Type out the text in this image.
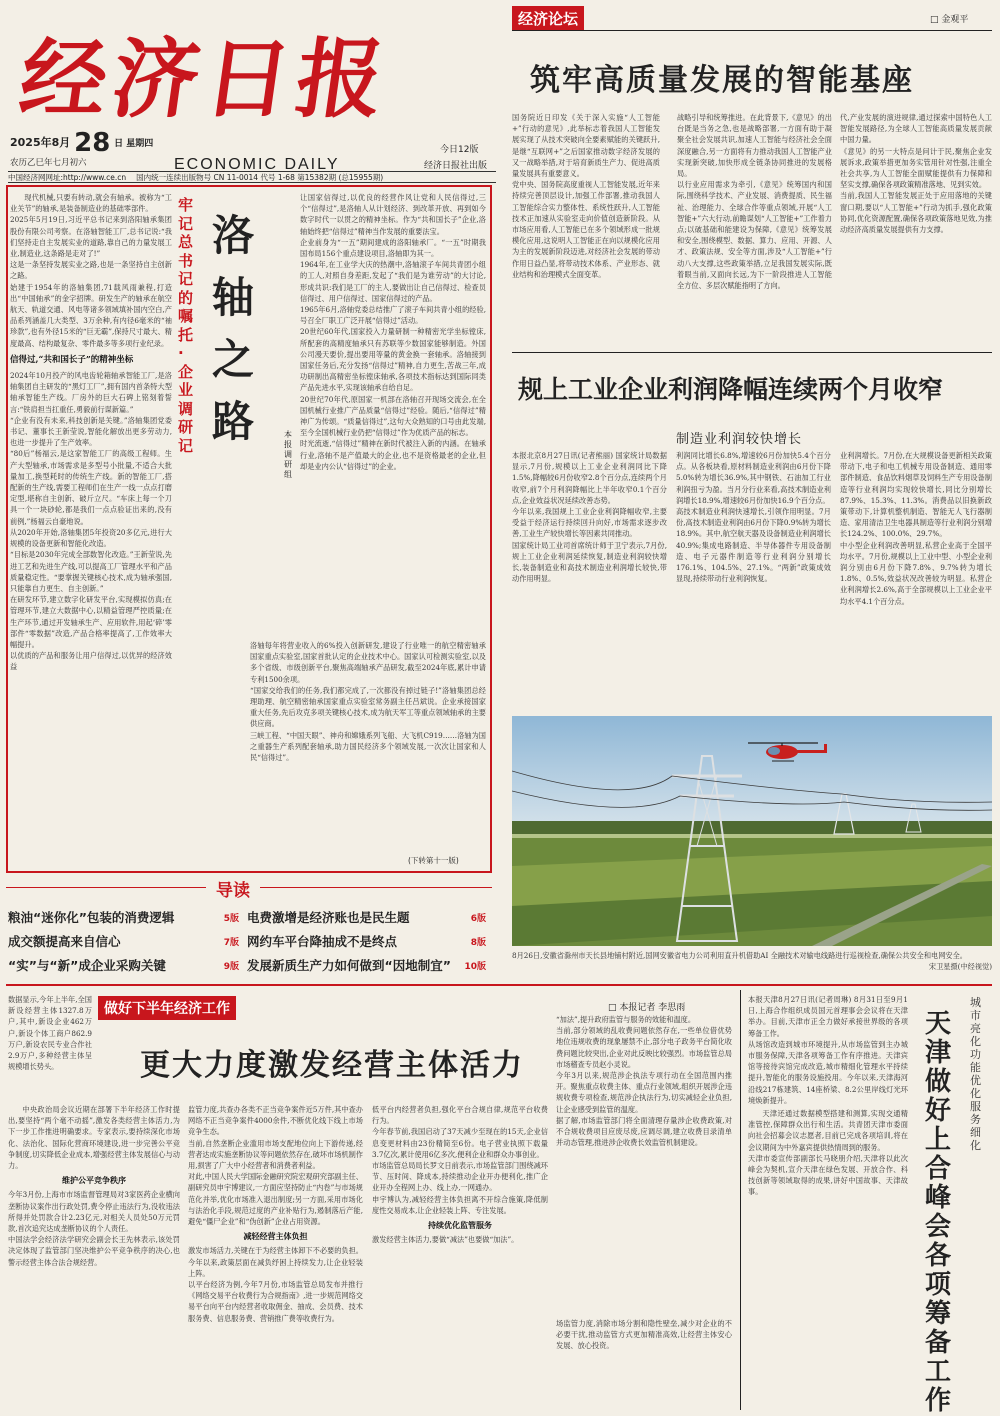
经济日报
2025年8月 28 日 星期四
农历乙巳年七月初六	ECONOMIC DAILY
今日12版
经济日报社出版
中国经济网网址:http://www.ce.cn 国内统一连续出版物号 CN 11-0014 代号 1-68 第15382期 (总15955期)
经济论坛	□ 金观平
筑牢高质量发展的智能基座
国务院近日印发《关于深入实施“人工智能+”行动的意见》,此举标志着我国人工智能发展实现了从技术突破向全要素赋能的关键跃升,是继“互联网+”之后国家推动数字经济发展的又一战略举措,对于培育新质生产力、促进高质量发展具有重要意义。
党中央、国务院高度重视人工智能发展,近年来持续完善顶层设计,加强工作部署,推动我国人工智能综合实力整体性、系统性跃升,人工智能技术正加速从实验室走向价值创造新阶段。从市场应用看,人工智能已在多个领域形成一批规模化应用,这说明人工智能正在向以规模化应用为主的发展新阶段迈进,对经济社会发展的带动作用日益凸显,将带动技术体系、产业形态、就业结构和治理模式全面变革。
战略引导和统筹推进。在此背景下,《意见》的出台既是当务之急,也是战略部署,一方面有助于凝聚全社会发展共识,加速人工智能与经济社会全面深度融合,另一方面将有力推动我国人工智能产业实现新突破,加快形成全链条协同推进的发展格局。
以行业应用需求为牵引,《意见》统筹国内和国际,围绕科学技术、产业发展、消费提质、民生福祉、治理能力、全球合作等重点领域,开展“人工智能+”六大行动,前瞻谋划“人工智能+”工作着力点;以破基础和能建设为保障,《意见》统筹发展和安全,围绕模型、数据、算力、应用、开源、人才、政策法规、安全等方面,涉及“人工智能+”行动八大支撑,这些政策举措,立足我国发展实际,既着眼当前,又面向长远,为下一阶段推进人工智能全方位、多层次赋能指明了方向。
代,产业发展的演进规律,通过探索中国特色人工智能发展路径,为全球人工智能高质量发展贡献中国力量。
《意见》的另一大特点是问计于民,聚焦企业发展诉求,政策举措更加务实管用针对性强,注重全社会共享,为人工智能全面赋能提供有力保障和坚实支撑,确保各项政策精准落地、见到实效。
当前,我国人工智能发展正处于应用落地的关键窗口期,要以“人工智能+”行动为抓手,强化政策协同,优化资源配置,确保各项政策落地见效,为推动经济高质量发展提供有力支撑。
规上工业企业利润降幅连续两个月收窄
制造业利润较快增长
本报北京8月27日讯(记者熊丽) 国家统计局数据显示,7月份,规模以上工业企业利润同比下降1.5%,降幅较6月份收窄2.8个百分点,连续两个月收窄,前7个月利润降幅比上半年收窄0.1个百分点,企业效益状况延续改善态势。
今年以来,我国规上工业企业利润降幅收窄,主要受益于经济运行持续回升向好,市场需求逐步改善,工业生产较快增长等因素共同推动。
国家统计局工业司首席统计师于卫宁表示,7月份,规上工业企业利润延续恢复,制造业利润较快增长,装备制造业和高技术制造业利润增长较快,带动作用明显。
利润同比增长6.8%,增速较6月份加快5.4个百分点。从各板块看,原材料制造业利润由6月份下降5.0%转为增长36.9%,其中钢铁、石油加工行业利润扭亏为盈。当月分行业来看,高技术制造业利润增长18.9%,增速较6月份加快16.9个百分点。
高技术制造业利润快速增长,引领作用明显。7月份,高技术制造业利润由6月份下降0.9%转为增长18.9%。其中,航空航天器及设备制造业利润增长40.9%;集成电路制造、半导体器件专用设备制造、电子元器件制造等行业利润分别增长176.1%、104.5%、27.1%。“两新”政策成效显现,持续带动行业利润恢复。
业利润增长。7月份,在大规模设备更新相关政策带动下,电子和电工机械专用设备制造、通用零部件制造、食品饮料烟草及饲料生产专用设备制造等行业利润均实现较快增长,同比分别增长87.9%、15.3%、11.3%。消费品以旧换新政策带动下,计算机整机制造、智能无人飞行器制造、家用清洁卫生电器具制造等行业利润分别增长124.2%、100.0%、29.7%。
中小型企业利润改善明显,私营企业高于全国平均水平。7月份,规模以上工业中型、小型企业利润分别由6月份下降7.8%、9.7%转为增长1.8%、0.5%,效益状况改善较为明显。私营企业利润增长2.6%,高于全部规模以上工业企业平均水平4.1个百分点。
8月26日,安徽省滁州市天长县地铺村附近,国网安徽省电力公司利用直升机借助AI 全融技术对输电线路进行巡视检查,确保公共安全和电网安全。
宋卫星摄(中经视觉)
牢记总书记的嘱托·企业调研记
洛
轴
之
路	本报调研组
现代机械,只要有转动,就会有轴承。被称为“工业关节”的轴承,是装备制造业的基础零部件。
2025年5月19日,习近平总书记来到洛阳轴承集团股份有限公司考察。在洛轴智能工厂,总书记说:“我们坚持走自主发展实业的道路,靠自己的力量发展工业,制造业,这条路是走对了!”
这是一条坚持发展实业之路,也是一条坚持自主创新之路。
始建于1954年的洛轴集团,71载风雨兼程,打造出“中国轴承”的金字招牌。研发生产的轴承在航空航天、轨道交通、风电等诸多领域填补国内空白,产品系列涵盖几大类型、3万余种,有内径6毫米的“袖珍款”,也有外径15米的“巨无霸”,保持尺寸最大、精度最高、结构最复杂、零件最多等多项行业纪录。
信得过,“共和国长子”的精神坐标
2024年10月投产的风电齿轮箱轴承智能工厂,是洛轴集团自主研发的“黑灯工厂”,拥有国内首条特大型轴承智能生产线。厂房外的巨大石碑上铭刻着誓言:“铁肩担当扛重任,勇毅前行谋新篇。”
“企业有没有未来,科技创新是关键。”洛轴集团党委书记、董事长王新莹说,智能化解放出更多劳动力,也进一步提升了生产效率。
“80后”杨福云,是这家智能工厂的高级工程师。生产大型轴承,市场需求是多型号小批量,不适合大批量加工,换型耗时的传统生产线。新的智能工厂,搭配新的生产线,需要工程师们在生产一线一点点打磨定型,堪称自主创新、破斤立尺。“车床上每一个刀具一个一块砂轮,都是我们一点点验证出来的,没有前例,”杨福云自豪地说。
从2020年开始,洛轴集团5年投资20多亿元,进行大规模的设备更新和智能化改造。
“目标是2030年完成全部数智化改造。”王新莹说,先进工艺和先进生产线,可以提高工厂管理水平和产品质量稳定性。“要掌握关键核心技术,成为轴承强国,只能靠自力更生、自主创新。”
在研发环节,建立数字化研发平台,实现模拟仿真;在管理环节,建立大数据中心,以精益管理严控质量;在生产环节,通过开发轴承生产、应用软件,用起‘碎’零部件“零数据”改造,产品合格率提高了,工作效率大幅提升。
以优质的产品和服务让用户信得过,以优异的经济效益
让国家信得过,以优良的经营作风让党和人民信得过,三个“信得过”,是洛轴人从计划经济、到改革开放、再到如今数字时代一以贯之的精神坐标。作为“共和国长子”企业,洛轴始终把“信得过”精神当作发展的重要法宝。
企业前身为“一五”期间建成的洛阳轴承厂。“一五”时期我国布局156个重点建设项目,洛轴即为其一。
1964年,在工业学大庆的热潮中,洛轴滚子车间共青团小组的工人,对照自身差距,发起了“我们是为谁劳动”的大讨论,形成共识:我们是工厂的主人,要做出让自己信得过、检查员信得过、用户信得过、国家信得过的产品。
1965年6月,洛轴党委总结推广了滚子车间共青小组的经验,号召全厂职工广泛开展“信得过”活动。
20世纪60年代,国家投入力量研制一种精密光学坐标镗床,所配套的高精度轴承只有苏联等少数国家能够制造。外国公司漫天要价,提出要用等量的黄金换一套轴承。洛轴接到国家任务后,充分发扬“信得过”精神,自力更生,苦战三年,成功研制出高精密坐标镗床轴承,各项技术指标达到国际同类产品先进水平,实现该轴承自给自足。
20世纪70年代,原国家一机部在洛轴召开现场交流会,在全国机械行业推广产品质量“信得过”经验。随后,“信得过”精神广为传颂。“质量信得过”,这句大众熟知的口号由此发端,至今全国机械行业仍把“信得过”作为优质产品的标志。
时光流逝,“信得过”精神在新时代被注入新的内涵。在轴承行业,洛轴不是产值最大的企业,也不是资格最老的企业,但却是业内公认“信得过”的企业。
洛轴每年将营业收入的6%投入创新研发,建设了行业唯一的航空精密轴承国家重点实验室,国家首批认定的企业技术中心。国家认可检测实验室,以及多个省级、市级创新平台,聚焦高端轴承产品研发,截至2024年底,累计申请专利1500余项。
“国家交给我们的任务,我们都完成了,一次都没有掉过链子!”洛轴集团总经理助理、航空精密轴承国家重点实验室常务副主任吕斌说。企业承接国家重大任务,先后攻克多项关键核心技术,成为航天军工等重点领域轴承的主要供应商。
三峡工程、“中国天眼”、神舟和嫦娥系列飞船、大飞机C919……洛轴为国之重器生产系列配套轴承,助力国民经济多个领域发展,一次次让国家和人民“信得过”。
(下转第十一版)
导读
粮油“迷你化”包装的消费逻辑	5版 电费激增是经济账也是民生题	6版
成交额提高来自信心	7版 网约车平台降抽成不是终点	8版
“实”与“新”成企业采购关键	9版 发展新质生产力如何做到“因地制宜” 10版
数据显示,今年上半年,全国新设经营主体1327.8万户,其中,新设企业462万户,新设个体工商户862.9万户,新设农民专业合作社2.9万户,多种经营主体呈规模增长势头。
做好下半年经济工作	□ 本报记者 李思雨
更大力度激发经营主体活力
中央政治局会议近期在部署下半年经济工作时提出,要坚持“两个毫不动摇”,激发各类经营主体活力,为下一步工作推进明确要求。专家表示,要持续深化市场化、法治化、国际化营商环境建设,进一步完善公平竞争制度,切实降低企业成本,增强经营主体发展信心与动力。
维护公平竞争秩序
今年3月份,上海市市场监督管理局对3家医药企业横向垄断协议案作出行政处罚,费令停止违法行为,没收违法所得并处罚款合计2.23亿元,对相关人员处50万元罚款,首次追究达成垄断协议的个人责任。
中国法学会经济法学研究会副会长王先林表示,该处罚决定体现了监管部门坚决维护公平竞争秩序的决心,也警示经营主体合法合规经营。
监管力度,共查办各类不正当竞争案件近5万件,其中查办网络不正当竞争案件4000余件,不断优化线下线上市场竞争生态。
当前,自然垄断企业滥用市场支配地位向上下游传递,经营者达成实施垄断协议等问题依然存在,破坏市场机制作用,损害了广大中小经营者和消费者利益。
对此,中国人民大学国际金融研究院宏观研究部副主任、副研究员申宇博建议,一方面应坚持防止“内卷”与市场规范化并举,优化市场准入退出制度;另一方面,采用市场化与法治化手段,规范过度的产业补贴行为,遏制落后产能,避免“僵尸企业”和“伪创新”企业占用资源。
减轻经营主体负担
激发市场活力,关键在于为经营主体卸下不必要的负担。今年以来,政策层面在减负纾困上持续发力,让企业轻装上阵。
以平台经济为例,今年7月份,市场监管总局发布并推行《网络交易平台收费行为合规指南》,进一步规范网络交易平台向平台内经营者收取佣金、抽成、会员费、技术服务费、信息服务费、营销推广费等收费行为。
低平台内经营者负担,强化平台合规自律,规范平台收费行为。
今年春节前,我国启动了37天减少至现在的15天,企业信息变更材料由23份精简至6份。电子营业执照下载量3.7亿次,累计使用6亿多次,便利企业和群众办事创业。
市场监管总局局长罗文日前表示,市场监管部门围绕减环节、压时间、降成本,持续推动企业开办便利化,推广企业开办全程网上办、线上办,一网通办。
申宇博认为,减轻经营主体负担离不开综合施策,降低制度性交易成本,让企业轻装上阵、专注发展。
持续优化监管服务
激发经营主体活力,要做“减法”也要做“加法”。
“加法”,提升政府监管与服务的效能和温度。
当前,部分领域的乱收费问题依然存在,一些单位借优势地位违规收费的现象屡禁不止,部分电子政务平台简化收费问题比较突出,企业对此反映比较强烈。市场监管总局市场稽查专员赵小灵说。
今年3月以来,规范涉企执法专项行动在全国范围内推开。聚焦重点收费主体、重点行业领域,组织开展涉企违规收费专项检查,规范涉企执法行为,切实减轻企业负担,让企业感受到监管的温度。
据了解,市场监管部门将全面清理存量涉企收费政策,对不合规收费项目应废尽废,应调尽调,建立收费目录清单并动态管理,推进涉企收费长效监管机制建设。
场监管力度,消除市场分割和隐性壁垒,减少对企业的不必要干扰,推动监管方式更加精准高效,让经营主体安心发展、放心投资。
本报天津8月27日讯(记者周琳) 8月31日至9月1日,上海合作组织成员国元首理事会会议将在天津举办。目前,天津市正全力做好承接世界级的各项筹备工作。
从场馆改造到城市环境提升,从市场监管到主办城市服务保障,天津各项筹备工作有序推进。天津宾馆等接待宾馆完成改造,城市精细化管理水平持续提升,智能化的服务设施投用。今年以来,天津海河沿线217栋建筑、14座桥梁、8.2公里岸线灯光环境焕新提升。
天津还通过数据模型搭建和测算,实现交通精准管控,保障群众出行和生活。共青团天津市委面向社会招募会议志愿者,目前已完成各项培训,将在会议期间为中外嘉宾提供热情周到的服务。
天津市委宣传部副部长马晓朋介绍,天津将以此次峰会为契机,宣介天津在绿色发展、开放合作、科技创新等领域取得的成果,讲好中国故事、天津故事。
城市亮化 功能优化 服务细化
天津做好上合峰会各项筹备工作
